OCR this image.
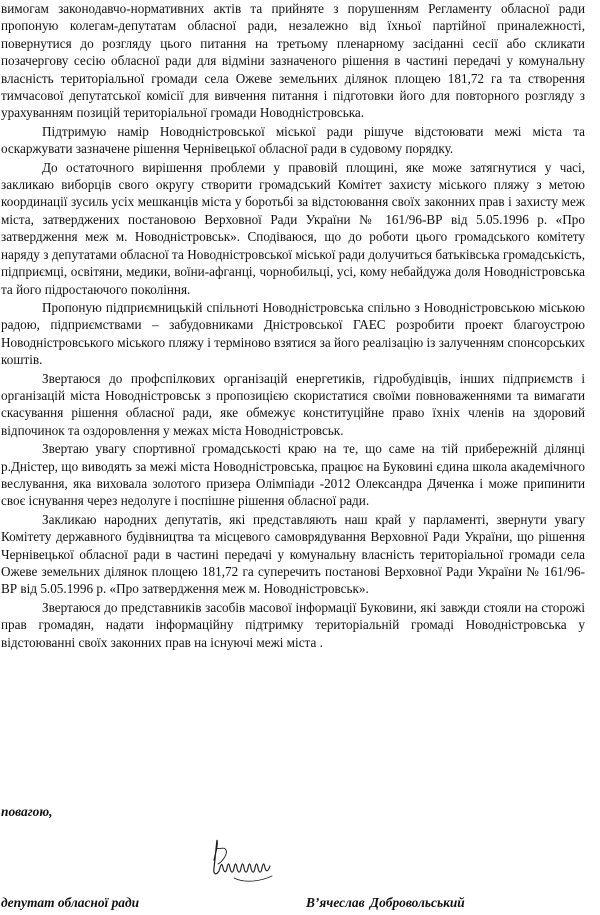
вимогам законодавчо-нормативних актів та прийняте з порушенням Регламенту обласної ради пропоную колегам-депутатам обласної ради, незалежно від їхньої партійної приналежності, повернутися до розгляду цього питання на третьому пленарному засіданні сесії або скликати позачергову сесію обласної ради для відміни зазначеного рішення в частині передачі у комунальну власність територіальної громади села Ожеве земельних ділянок площею 181,72 га та створення тимчасової депутатської комісії для вивчення питання і підготовки його для повторного розгляду з урахуванням позицій територіальної громади Новодністровська.

Підтримую намір Новодністровської міської ради рішуче відстоювати межі міста та оскаржувати зазначене рішення Чернівецької обласної ради в судовому порядку.

До остаточного вирішення проблеми у правовій площині, яке може затягнутися у часі, закликаю виборців свого округу створити громадський Комітет захисту міського пляжу з метою координації зусиль усіх мешканців міста у боротьбі за відстоювання своїх законних прав і захисту меж міста, затверджених постановою Верховної Ради України № 161/96-ВР від 5.05.1996 р. «Про затвердження меж м. Новодністровськ». Сподіваюся, що до роботи цього громадського комітету наряду з депутатами обласної та Новодністровської міської ради долучиться батьківська громадськість, підприємці, освітяни, медики, воїни-афганці, чорнобильці, усі, кому небайдужа доля Новодністровська та його підростаючого покоління.

Пропоную підприємницькій спільноті Новодністровська спільно з Новодністровською міською радою, підприємствами – забудовниками Дністровської ГАЕС розробити проект благоустрою Новодністровського міського пляжу і терміново взятися за його реалізацію із залученням спонсорських коштів.

Звертаюся до профспілкових організацій енергетиків, гідробудівців, інших підприємств і організацій міста Новодністровськ з пропозицією скористатися своїми повноваженнями та вимагати скасування рішення обласної ради, яке обмежує конституційне право їхніх членів на здоровий відпочинок та оздоровлення у межах міста Новодністровськ.

Звертаю увагу спортивної громадськості краю на те, що саме на тій прибережній ділянці р.Дністер, що виводять за межі міста Новодністровська, працює на Буковині єдина школа академічного веслування, яка виховала золотого призера Олімпіади -2012 Олександра Дяченка і може припинити своє існування через недолуге і поспішне рішення обласної ради.

Закликаю народних депутатів, які представляють наш край у парламенті, звернути увагу Комітету державного будівництва та місцевого самоврядування Верховної Ради України, що рішення Чернівецької обласної ради в частині передачі у комунальну власність територіальної громади села Ожеве земельних ділянок площею 181,72 га суперечить постанові Верховної Ради України № 161/96-ВР від 5.05.1996 р. «Про затвердження меж м. Новодністровськ».

Звертаюся до представників засобів масової інформації Буковини, які завжди стояли на сторожі прав громадян, надати інформаційну підтримку територіальній громаді Новодністровська у відстоюванні своїх законних прав на існуючі межі міста .

повагою,
депутат обласної ради	В’ячеслав Добровольський
